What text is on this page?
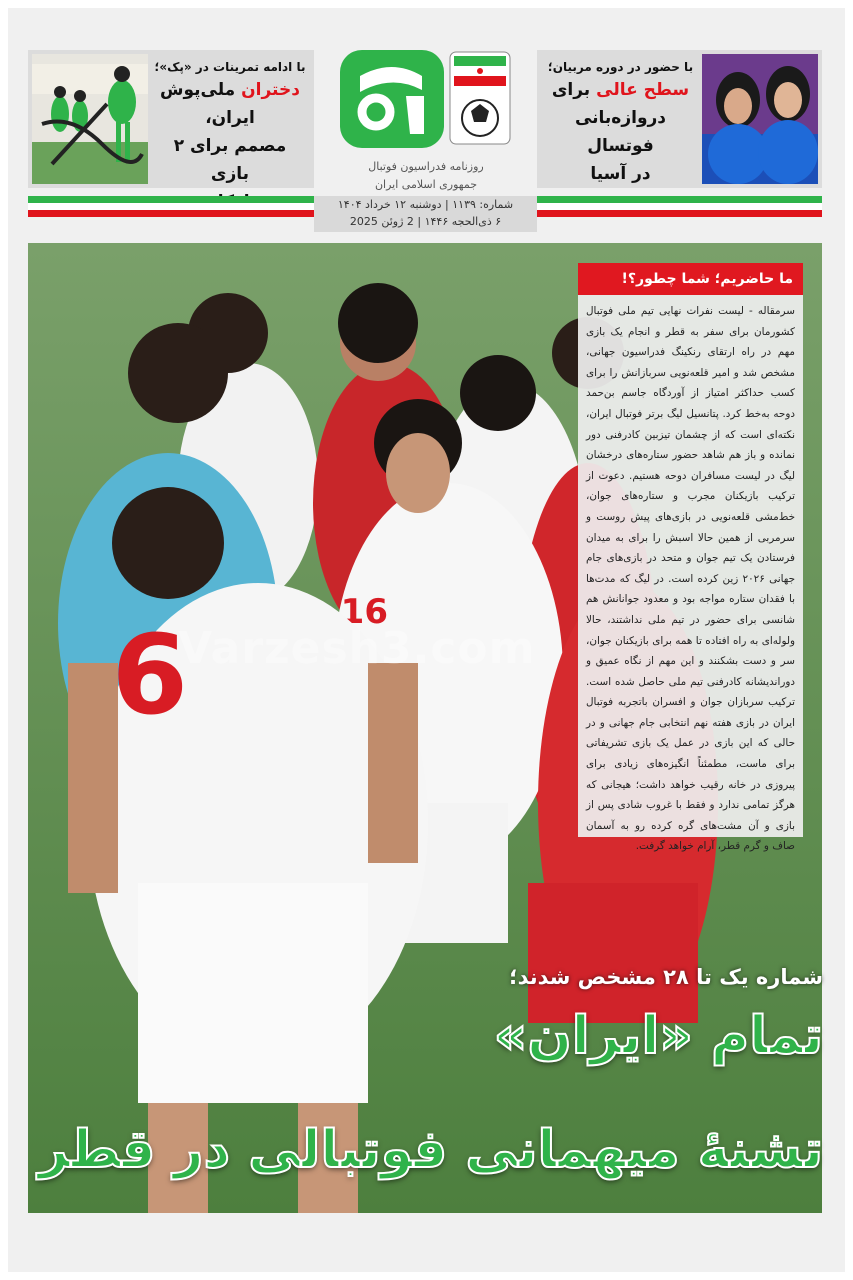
با ادامه تمرینات در «پک»؛
دختران ملی‌پوش ایران،
مصمم برای ۲ بازی	روزنامه فدراسیون فوتبال
جمهوری اسلامی ایران
با حضور در دوره مربیان؛
سطح عالی برای
دروازه‌بانی فوتسال
در آسیا
شماره: ۱۱۳۹ | دوشنبه ۱۲ خرداد ۱۴۰۴
۶ ذی‌الحجه ۱۴۴۶ | 2 ژوئن 2025
16
6
Varzesh3.com
ما حاضریم؛ شما چطور؟!
سرمقاله - لیست نفرات نهایی تیم ملی فوتبال کشورمان برای سفر به قطر و انجام یک بازی مهم در راه ارتقای رنکینگ فدراسیون جهانی، مشخص شد و امیر قلعه‌نویی سربازانش را برای کسب حداکثر امتیاز از آوردگاه جاسم بن‌حمد دوحه به‌خط کرد. پتانسیل لیگ برتر فوتبال ایران، نکته‌ای است که از چشمان تیزبین کادرفنی دور نمانده و باز هم شاهد حضور ستاره‌های درخشان لیگ در لیست مسافران دوحه هستیم. دعوت از ترکیب بازیکنان مجرب و ستاره‌های جوان، خط‌مشی قلعه‌نویی در بازی‌های پیش روست و سرمربی از همین حالا اسبش را برای به میدان فرستادن یک تیم جوان و متحد در بازی‌های جام جهانی ۲۰۲۶ زین کرده است. در لیگ که مدت‌ها با فقدان ستاره مواجه بود و معدود جوانانش هم شانسی برای حضور در تیم ملی نداشتند، حالا ولوله‌ای به راه افتاده تا همه برای بازیکنان جوان، سر و دست بشکنند و این مهم از نگاه عمیق و دوراندیشانه کادرفنی تیم ملی حاصل شده است. ترکیب سربازان جوان و افسران باتجربه فوتبال ایران در بازی هفته نهم انتخابی جام جهانی و در حالی که این بازی در عمل یک بازی تشریفاتی برای ماست، مطمئناً انگیزه‌های زیادی برای پیروزی در خانه رقیب خواهد داشت؛ هیجانی که هرگز تمامی ندارد و فقط با غروب شادی پس از بازی و آن مشت‌های گره کرده رو به آسمان صاف و گرم قطر، آرام خواهد گرفت.
شماره یک تا ۲۸ مشخص شدند؛
تمام «ایران»
تشنهٔ میهمانی فوتبالی در قطر
